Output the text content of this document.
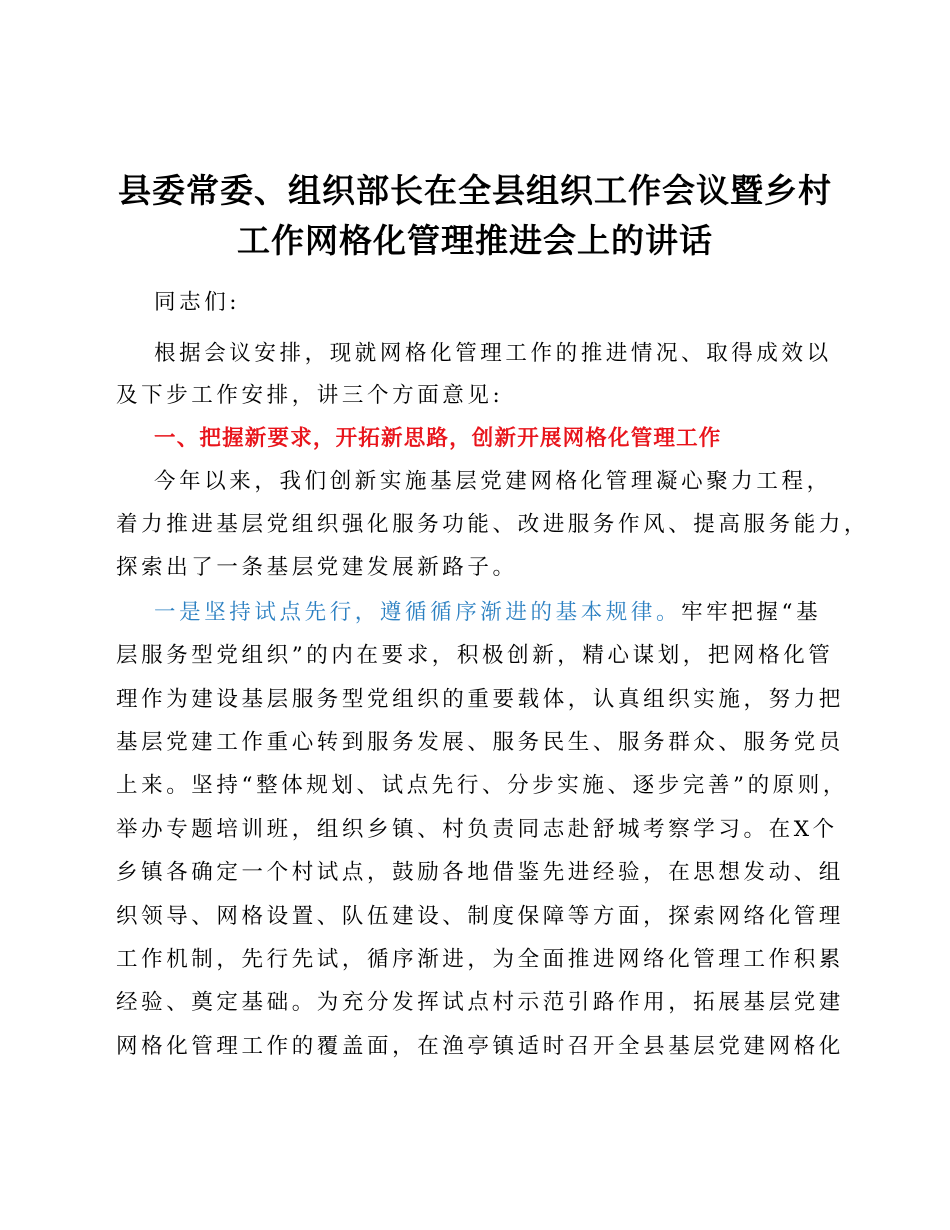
县委常委、组织部长在全县组织工作会议暨乡村
工作网格化管理推进会上的讲话
同志们:
根据会议安排，现就网格化管理工作的推进情况、取得成效以
及下步工作安排，讲三个方面意见:
一、把握新要求，开拓新思路，创新开展网格化管理工作
今年以来，我们创新实施基层党建网格化管理凝心聚力工程，
着力推进基层党组织强化服务功能、改进服务作风、提高服务能力，
探索出了一条基层党建发展新路子。
一是坚持试点先行，遵循循序渐进的基本规律。牢牢把握“基
层服务型党组织”的内在要求，积极创新，精心谋划，把网格化管
理作为建设基层服务型党组织的重要载体，认真组织实施，努力把
基层党建工作重心转到服务发展、服务民生、服务群众、服务党员
上来。坚持“整体规划、试点先行、分步实施、逐步完善”的原则，
举办专题培训班，组织乡镇、村负责同志赴舒城考察学习。在X个
乡镇各确定一个村试点，鼓励各地借鉴先进经验，在思想发动、组
织领导、网格设置、队伍建设、制度保障等方面，探索网络化管理
工作机制，先行先试，循序渐进，为全面推进网络化管理工作积累
经验、奠定基础。为充分发挥试点村示范引路作用，拓展基层党建
网格化管理工作的覆盖面，在渔亭镇适时召开全县基层党建网格化
